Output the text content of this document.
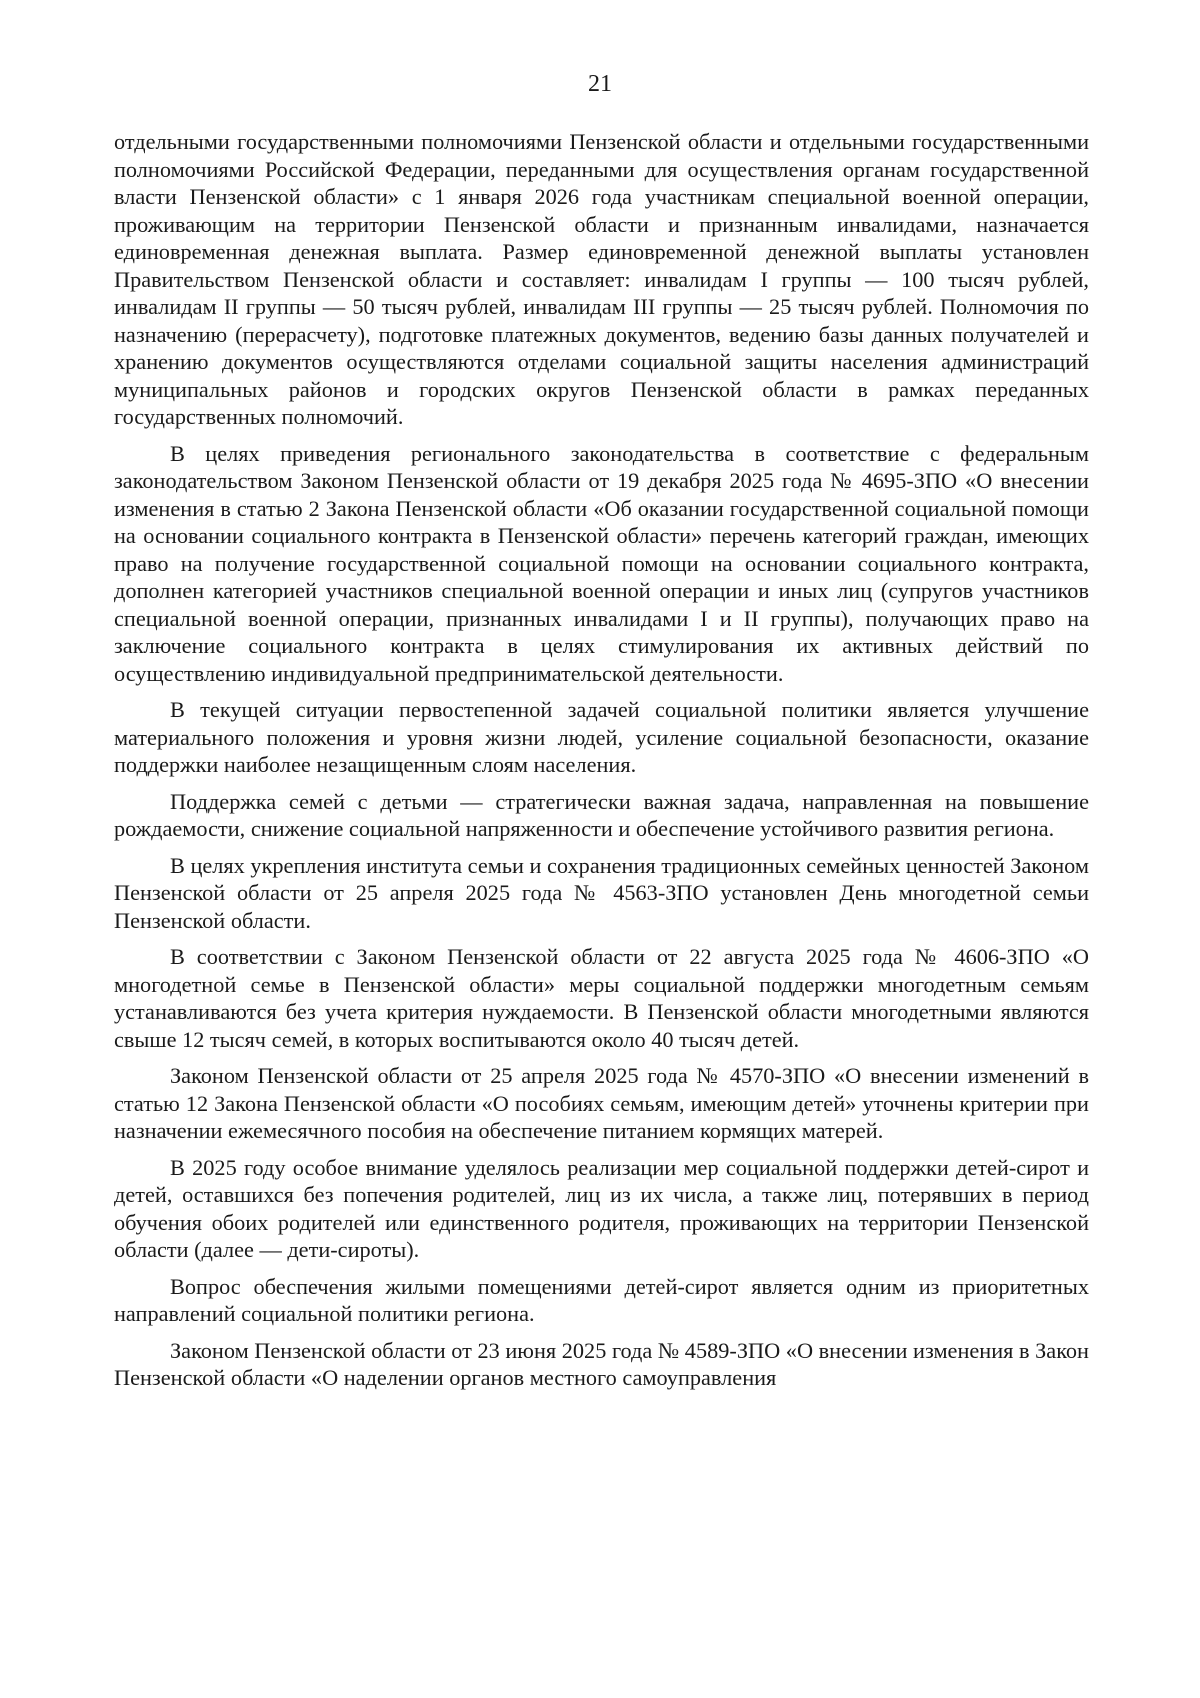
21

отдельными государственными полномочиями Пензенской области и отдельными государственными полномочиями Российской Федерации, переданными для осуществления органам государственной власти Пензенской области» с 1 января 2026 года участникам специальной военной операции, проживающим на территории Пензенской области и признанным инвалидами, назначается единовременная денежная выплата. Размер единовременной денежной выплаты установлен Правительством Пензенской области и составляет: инвалидам I группы — 100 тысяч рублей, инвалидам II группы — 50 тысяч рублей, инвалидам III группы — 25 тысяч рублей. Полномочия по назначению (перерасчету), подготовке платежных документов, ведению базы данных получателей и хранению документов осуществляются отделами социальной защиты населения администраций муниципальных районов и городских округов Пензенской области в рамках переданных государственных полномочий.

В целях приведения регионального законодательства в соответствие с федеральным законодательством Законом Пензенской области от 19 декабря 2025 года № 4695-ЗПО «О внесении изменения в статью 2 Закона Пензенской области «Об оказании государственной социальной помощи на основании социального контракта в Пензенской области» перечень категорий граждан, имеющих право на получение государственной социальной помощи на основании социального контракта, дополнен категорией участников специальной военной операции и иных лиц (супругов участников специальной военной операции, признанных инвалидами I и II группы), получающих право на заключение социального контракта в целях стимулирования их активных действий по осуществлению индивидуальной предпринимательской деятельности.

В текущей ситуации первостепенной задачей социальной политики является улучшение материального положения и уровня жизни людей, усиление социальной безопасности, оказание поддержки наиболее незащищенным слоям населения.

Поддержка семей с детьми — стратегически важная задача, направленная на повышение рождаемости, снижение социальной напряженности и обеспечение устойчивого развития региона.

В целях укрепления института семьи и сохранения традиционных семейных ценностей Законом Пензенской области от 25 апреля 2025 года № 4563-ЗПО установлен День многодетной семьи Пензенской области.

В соответствии с Законом Пензенской области от 22 августа 2025 года № 4606-ЗПО «О многодетной семье в Пензенской области» меры социальной поддержки многодетным семьям устанавливаются без учета критерия нуждаемости. В Пензенской области многодетными являются свыше 12 тысяч семей, в которых воспитываются около 40 тысяч детей.

Законом Пензенской области от 25 апреля 2025 года № 4570-ЗПО «О внесении изменений в статью 12 Закона Пензенской области «О пособиях семьям, имеющим детей» уточнены критерии при назначении ежемесячного пособия на обеспечение питанием кормящих матерей.

В 2025 году особое внимание уделялось реализации мер социальной поддержки детей-сирот и детей, оставшихся без попечения родителей, лиц из их числа, а также лиц, потерявших в период обучения обоих родителей или единственного родителя, проживающих на территории Пензенской области (далее — дети-сироты).

Вопрос обеспечения жилыми помещениями детей-сирот является одним из приоритетных направлений социальной политики региона.

Законом Пензенской области от 23 июня 2025 года № 4589-ЗПО «О внесении изменения в Закон Пензенской области «О наделении органов местного самоуправления
